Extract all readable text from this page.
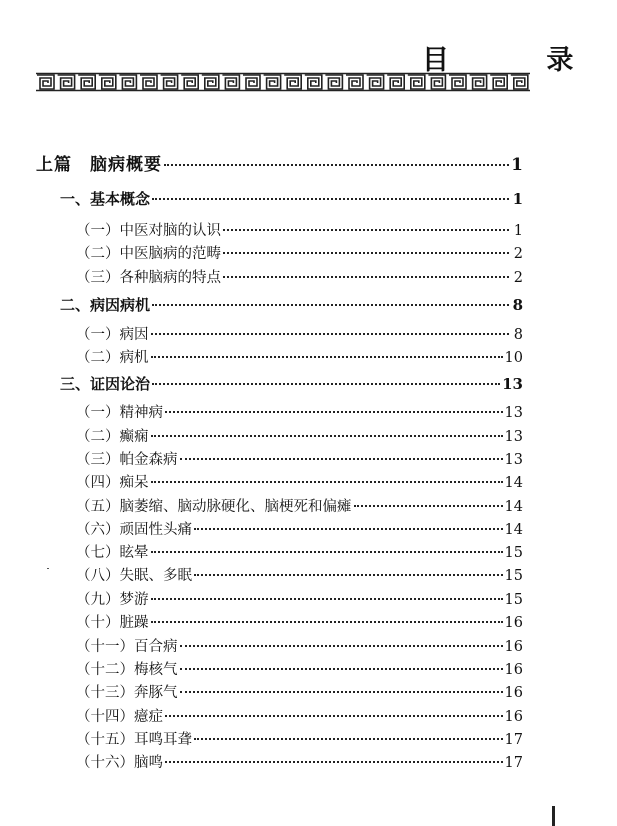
目 录
上篇　脑病概要	1
一、基本概念	1
（一）中医对脑的认识	1
（二）中医脑病的范畴	2
（三）各种脑病的特点	2
二、病因病机	8
（一）病因	8
（二）病机	10
三、证因论治	13
（一）精神病	13
（二）癫痫	13
（三）帕金森病	13
（四）痴呆	14
（五）脑萎缩、脑动脉硬化、脑梗死和偏瘫	14
（六）顽固性头痛	14
（七）眩晕	15
（八）失眠、多眠	15
（九）梦游	15
（十）脏躁	16
（十一）百合病	16
（十二）梅核气	16
（十三）奔豚气	16
（十四）癔症	16
（十五）耳鸣耳聋	17
（十六）脑鸣	17
